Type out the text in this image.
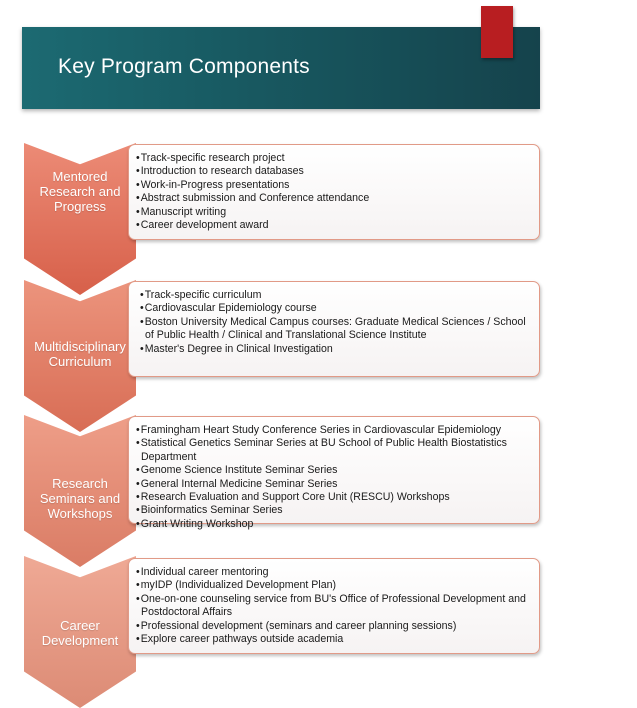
Key Program Components
Mentored
Research and
Progress
• Track-specific research project
• Introduction to research databases
• Work-in-Progress presentations
• Abstract submission and Conference attendance
• Manuscript writing
• Career development award
Multidisciplinary
Curriculum
• Track-specific curriculum
• Cardiovascular Epidemiology course
• Boston University Medical Campus courses: Graduate Medical Sciences / School of Public Health / Clinical and Translational Science Institute
• Master's Degree in Clinical Investigation
Research
Seminars and
Workshops
• Framingham Heart Study Conference Series in Cardiovascular Epidemiology
• Statistical Genetics Seminar Series at BU School of Public Health Biostatistics Department
• Genome Science Institute Seminar Series
• General Internal Medicine Seminar Series
• Research Evaluation and Support Core Unit (RESCU) Workshops
• Bioinformatics Seminar Series
• Grant Writing Workshop
Career
Development
• Individual career mentoring
• myIDP (Individualized Development Plan)
• One-on-one counseling service from BU's Office of Professional Development and Postdoctoral Affairs
• Professional development (seminars and career planning sessions)
• Explore career pathways outside academia
